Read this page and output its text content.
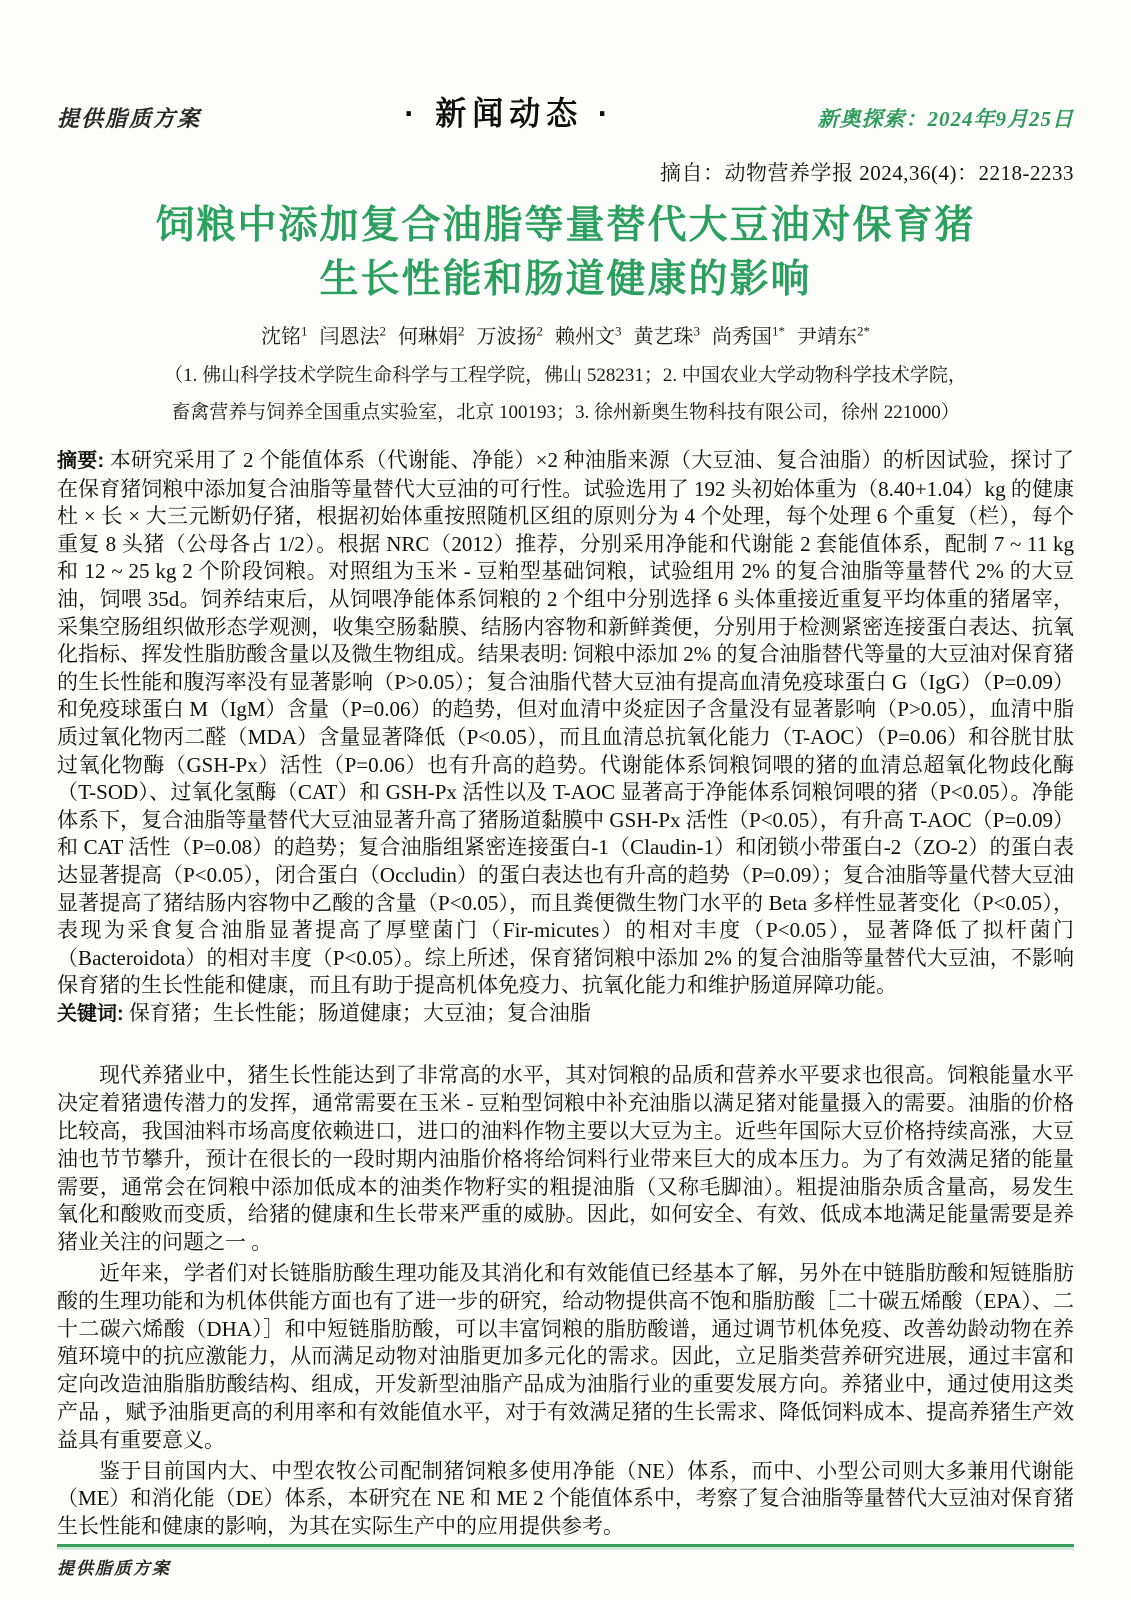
提供脂质方案	· 新闻动态 ·	新奥探索：2024年9月25日
摘自：动物营养学报 2024,36(4)：2218-2233
饲粮中添加复合油脂等量替代大豆油对保育猪
生长性能和肠道健康的影响
沈铭$^1$ 闫恩法$^2$ 何琳娟$^2$ 万波扬$^2$ 赖州文$^3$ 黄艺珠$^3$ 尚秀国$^{1*}$ 尹靖东$^{2*}$
（1. 佛山科学技术学院生命科学与工程学院，佛山 528231；2. 中国农业大学动物科学技术学院，
畜禽营养与饲养全国重点实验室，北京 100193；3. 徐州新奥生物科技有限公司，徐州 221000）
摘要: 本研究采用了 2 个能值体系（代谢能、净能）×2 种油脂来源（大豆油、复合油脂）的析因试验，探讨了在保育猪饲粮中添加复合油脂等量替代大豆油的可行性。试验选用了 192 头初始体重为（8.40+1.04）kg 的健康杜 × 长 × 大三元断奶仔猪，根据初始体重按照随机区组的原则分为 4 个处理，每个处理 6 个重复（栏），每个重复 8 头猪（公母各占 1/2）。根据 NRC（2012）推荐，分别采用净能和代谢能 2 套能值体系，配制 7 ~ 11 kg 和 12 ~ 25 kg 2 个阶段饲粮。对照组为玉米 - 豆粕型基础饲粮，试验组用 2% 的复合油脂等量替代 2% 的大豆油，饲喂 35d。饲养结束后，从饲喂净能体系饲粮的 2 个组中分别选择 6 头体重接近重复平均体重的猪屠宰，采集空肠组织做形态学观测，收集空肠黏膜、结肠内容物和新鲜粪便，分别用于检测紧密连接蛋白表达、抗氧化指标、挥发性脂肪酸含量以及微生物组成。结果表明: 饲粮中添加 2% 的复合油脂替代等量的大豆油对保育猪的生长性能和腹泻率没有显著影响（P>0.05）；复合油脂代替大豆油有提高血清免疫球蛋白 G（IgG）（P=0.09）和免疫球蛋白 M（IgM）含量（P=0.06）的趋势，但对血清中炎症因子含量没有显著影响（P>0.05），血清中脂质过氧化物丙二醛（MDA）含量显著降低（P<0.05），而且血清总抗氧化能力（T-AOC）（P=0.06）和谷胱甘肽过氧化物酶（GSH-Px）活性（P=0.06）也有升高的趋势。代谢能体系饲粮饲喂的猪的血清总超氧化物歧化酶（T-SOD）、过氧化氢酶（CAT）和 GSH-Px 活性以及 T-AOC 显著高于净能体系饲粮饲喂的猪（P<0.05）。净能体系下，复合油脂等量替代大豆油显著升高了猪肠道黏膜中 GSH-Px 活性（P<0.05），有升高 T-AOC（P=0.09）和 CAT 活性（P=0.08）的趋势；复合油脂组紧密连接蛋白-1（Claudin-1）和闭锁小带蛋白-2（ZO-2）的蛋白表达显著提高（P<0.05），闭合蛋白（Occludin）的蛋白表达也有升高的趋势（P=0.09）；复合油脂等量代替大豆油显著提高了猪结肠内容物中乙酸的含量（P<0.05），而且粪便微生物门水平的 Beta 多样性显著变化（P<0.05），表现为采食复合油脂显著提高了厚壁菌门（Fir-micutes）的相对丰度（P<0.05），显著降低了拟杆菌门（Bacteroidota）的相对丰度（P<0.05）。综上所述，保育猪饲粮中添加 2% 的复合油脂等量替代大豆油，不影响保育猪的生长性能和健康，而且有助于提高机体免疫力、抗氧化能力和维护肠道屏障功能。
关键词: 保育猪；生长性能；肠道健康；大豆油；复合油脂

现代养猪业中，猪生长性能达到了非常高的水平，其对饲粮的品质和营养水平要求也很高。饲粮能量水平决定着猪遗传潜力的发挥，通常需要在玉米 - 豆粕型饲粮中补充油脂以满足猪对能量摄入的需要。油脂的价格比较高，我国油料市场高度依赖进口，进口的油料作物主要以大豆为主。近些年国际大豆价格持续高涨，大豆油也节节攀升，预计在很长的一段时期内油脂价格将给饲料行业带来巨大的成本压力。为了有效满足猪的能量需要，通常会在饲粮中添加低成本的油类作物籽实的粗提油脂（又称毛脚油）。粗提油脂杂质含量高，易发生氧化和酸败而变质，给猪的健康和生长带来严重的威胁。因此，如何安全、有效、低成本地满足能量需要是养猪业关注的问题之一 。

近年来，学者们对长链脂肪酸生理功能及其消化和有效能值已经基本了解，另外在中链脂肪酸和短链脂肪酸的生理功能和为机体供能方面也有了进一步的研究，给动物提供高不饱和脂肪酸［二十碳五烯酸（EPA）、二十二碳六烯酸（DHA）］和中短链脂肪酸，可以丰富饲粮的脂肪酸谱，通过调节机体免疫、改善幼龄动物在养殖环境中的抗应激能力，从而满足动物对油脂更加多元化的需求。因此，立足脂类营养研究进展，通过丰富和定向改造油脂脂肪酸结构、组成，开发新型油脂产品成为油脂行业的重要发展方向。养猪业中，通过使用这类产品 ，赋予油脂更高的利用率和有效能值水平，对于有效满足猪的生长需求、降低饲料成本、提高养猪生产效益具有重要意义。

鉴于目前国内大、中型农牧公司配制猪饲粮多使用净能（NE）体系，而中、小型公司则大多兼用代谢能（ME）和消化能（DE）体系，本研究在 NE 和 ME 2 个能值体系中，考察了复合油脂等量替代大豆油对保育猪生长性能和健康的影响，为其在实际生产中的应用提供参考。

提供脂质方案
